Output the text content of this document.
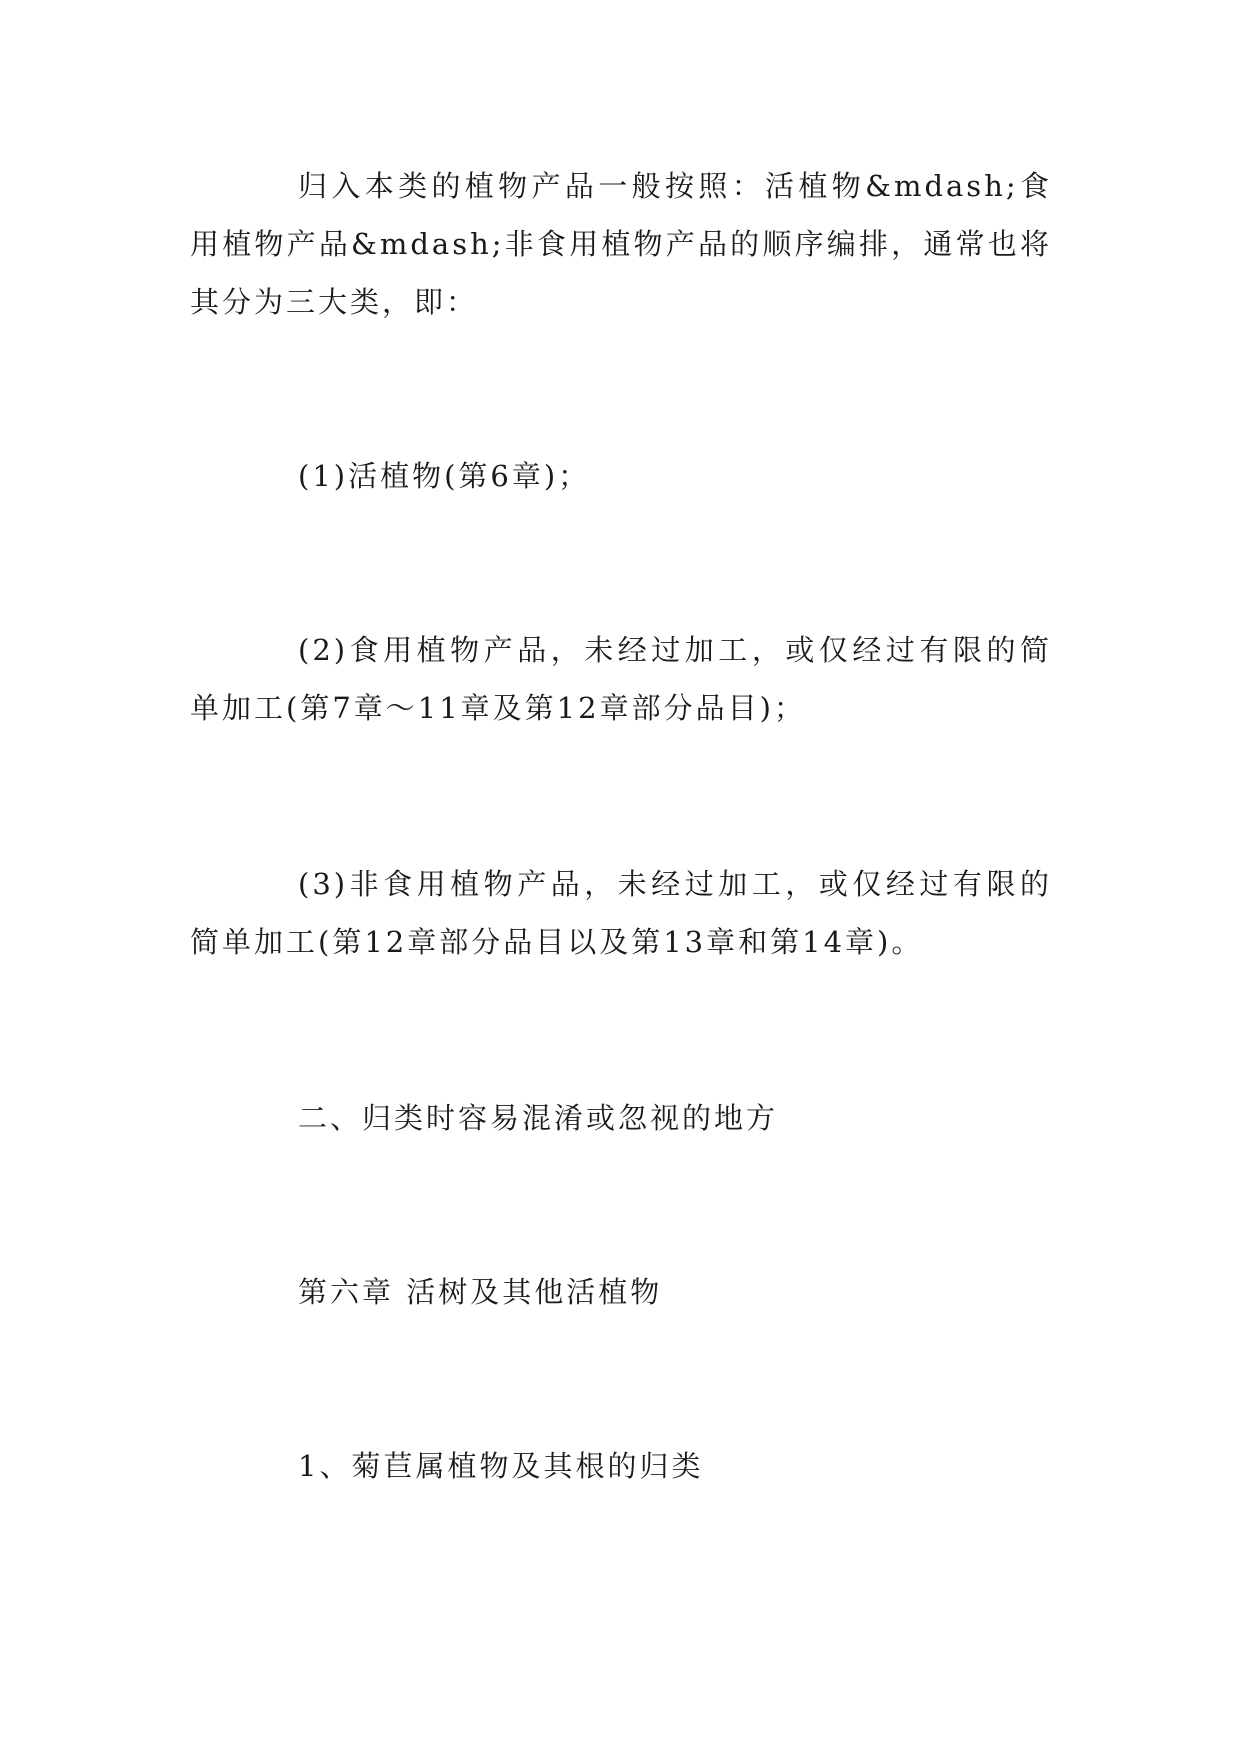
归入本类的植物产品一般按照：活植物&mdash;食用植物产品&mdash;非食用植物产品的顺序编排，通常也将其分为三大类，即：

(1)活植物(第6章)；

(2)食用植物产品，未经过加工，或仅经过有限的简单加工(第7章～11章及第12章部分品目)；

(3)非食用植物产品，未经过加工，或仅经过有限的简单加工(第12章部分品目以及第13章和第14章)。

二、归类时容易混淆或忽视的地方

第六章 活树及其他活植物

1、菊苣属植物及其根的归类
